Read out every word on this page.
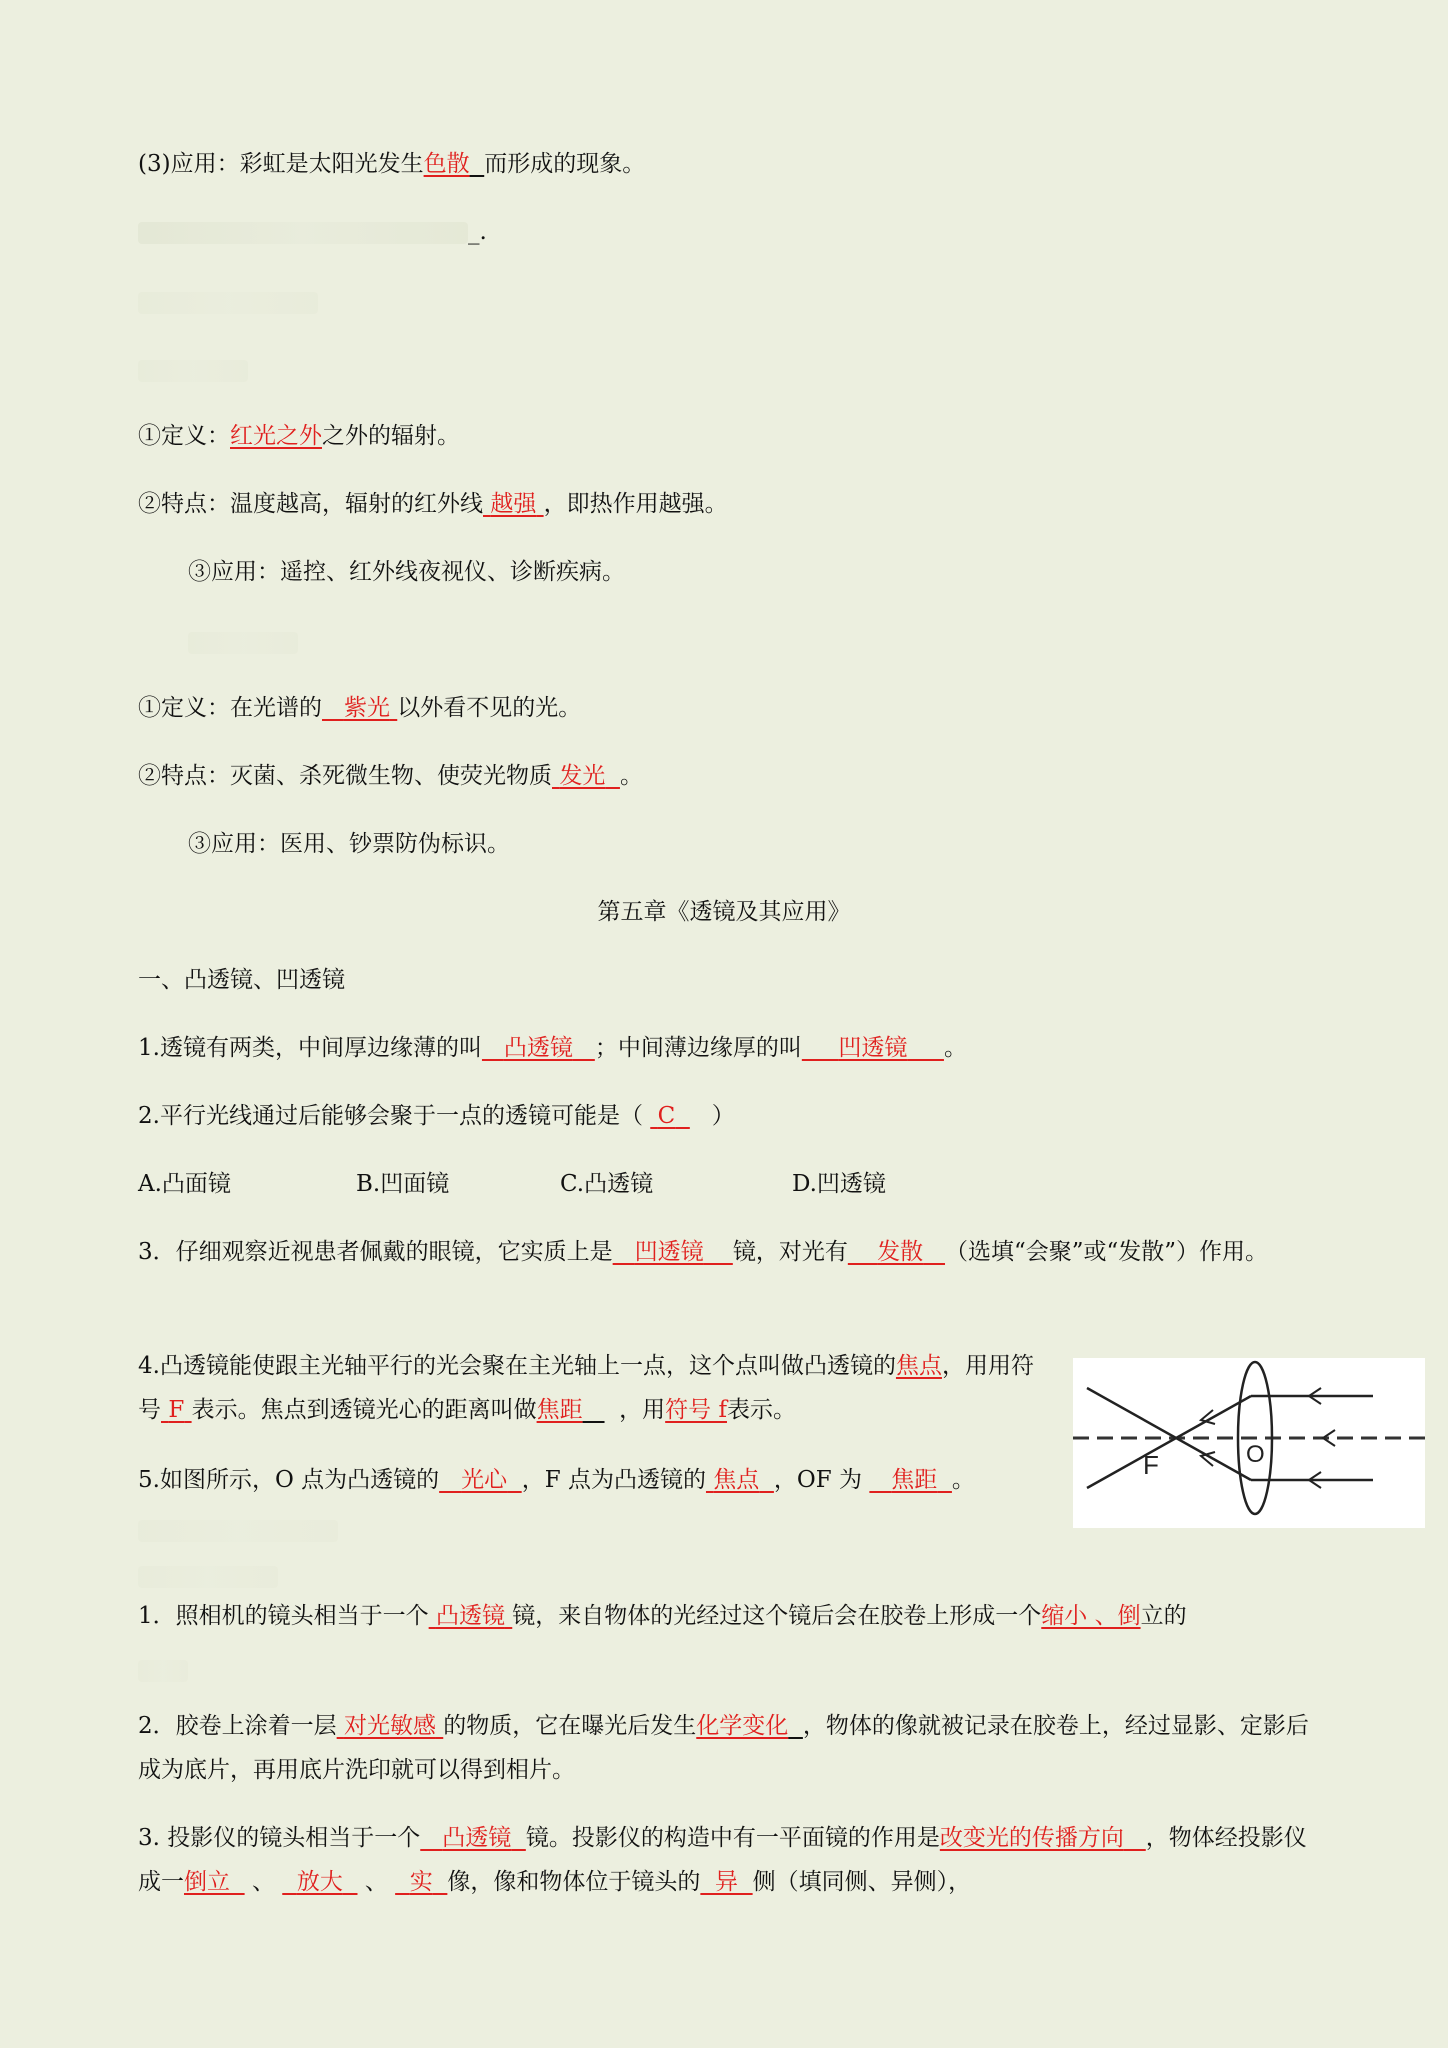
(3)应用：彩虹是太阳光发生色散 而形成的现象。
_.
①定义：红光之外之外的辐射。
②特点：温度越高，辐射的红外线 越强 ，即热作用越强。
③应用：遥控、红外线夜视仪、诊断疾病。
①定义：在光谱的 紫光 以外看不见的光。
②特点：灭菌、杀死微生物、使荧光物质 发光 。
③应用：医用、钞票防伪标识。
第五章《透镜及其应用》
一、凸透镜、凹透镜
1.透镜有两类，中间厚边缘薄的叫 凸透镜 ；中间薄边缘厚的叫 凹透镜 。
2.平行光线通过后能够会聚于一点的透镜可能是（ C ）
A.凸面镜	B.凹面镜	C.凸透镜	D.凹透镜
3．仔细观察近视患者佩戴的眼镜，它实质上是 凹透镜 镜，对光有 发散 （选填“会聚”或“发散”）作用。
4.凸透镜能使跟主光轴平行的光会聚在主光轴上一点，这个点叫做凸透镜的焦点，用用符号 F 表示。焦点到透镜光心的距离叫做焦距 ，用符号 f表示。
5.如图所示，O 点为凸透镜的 光心 ，F 点为凸透镜的 焦点 ，OF 为 焦距 。	F	O
1．照相机的镜头相当于一个 凸透镜 镜，来自物体的光经过这个镜后会在胶卷上形成一个缩小 、倒立的
2．胶卷上涂着一层 对光敏感 的物质，它在曝光后发生化学变化 ，物体的像就被记录在胶卷上，经过显影、定影后成为底片，再用底片洗印就可以得到相片。
3. 投影仪的镜头相当于一个 凸透镜 镜。投影仪的构造中有一平面镜的作用是改变光的传播方向 ，物体经投影仪成一倒立 、 放大 、 实 像，像和物体位于镜头的 异 侧（填同侧、异侧），
